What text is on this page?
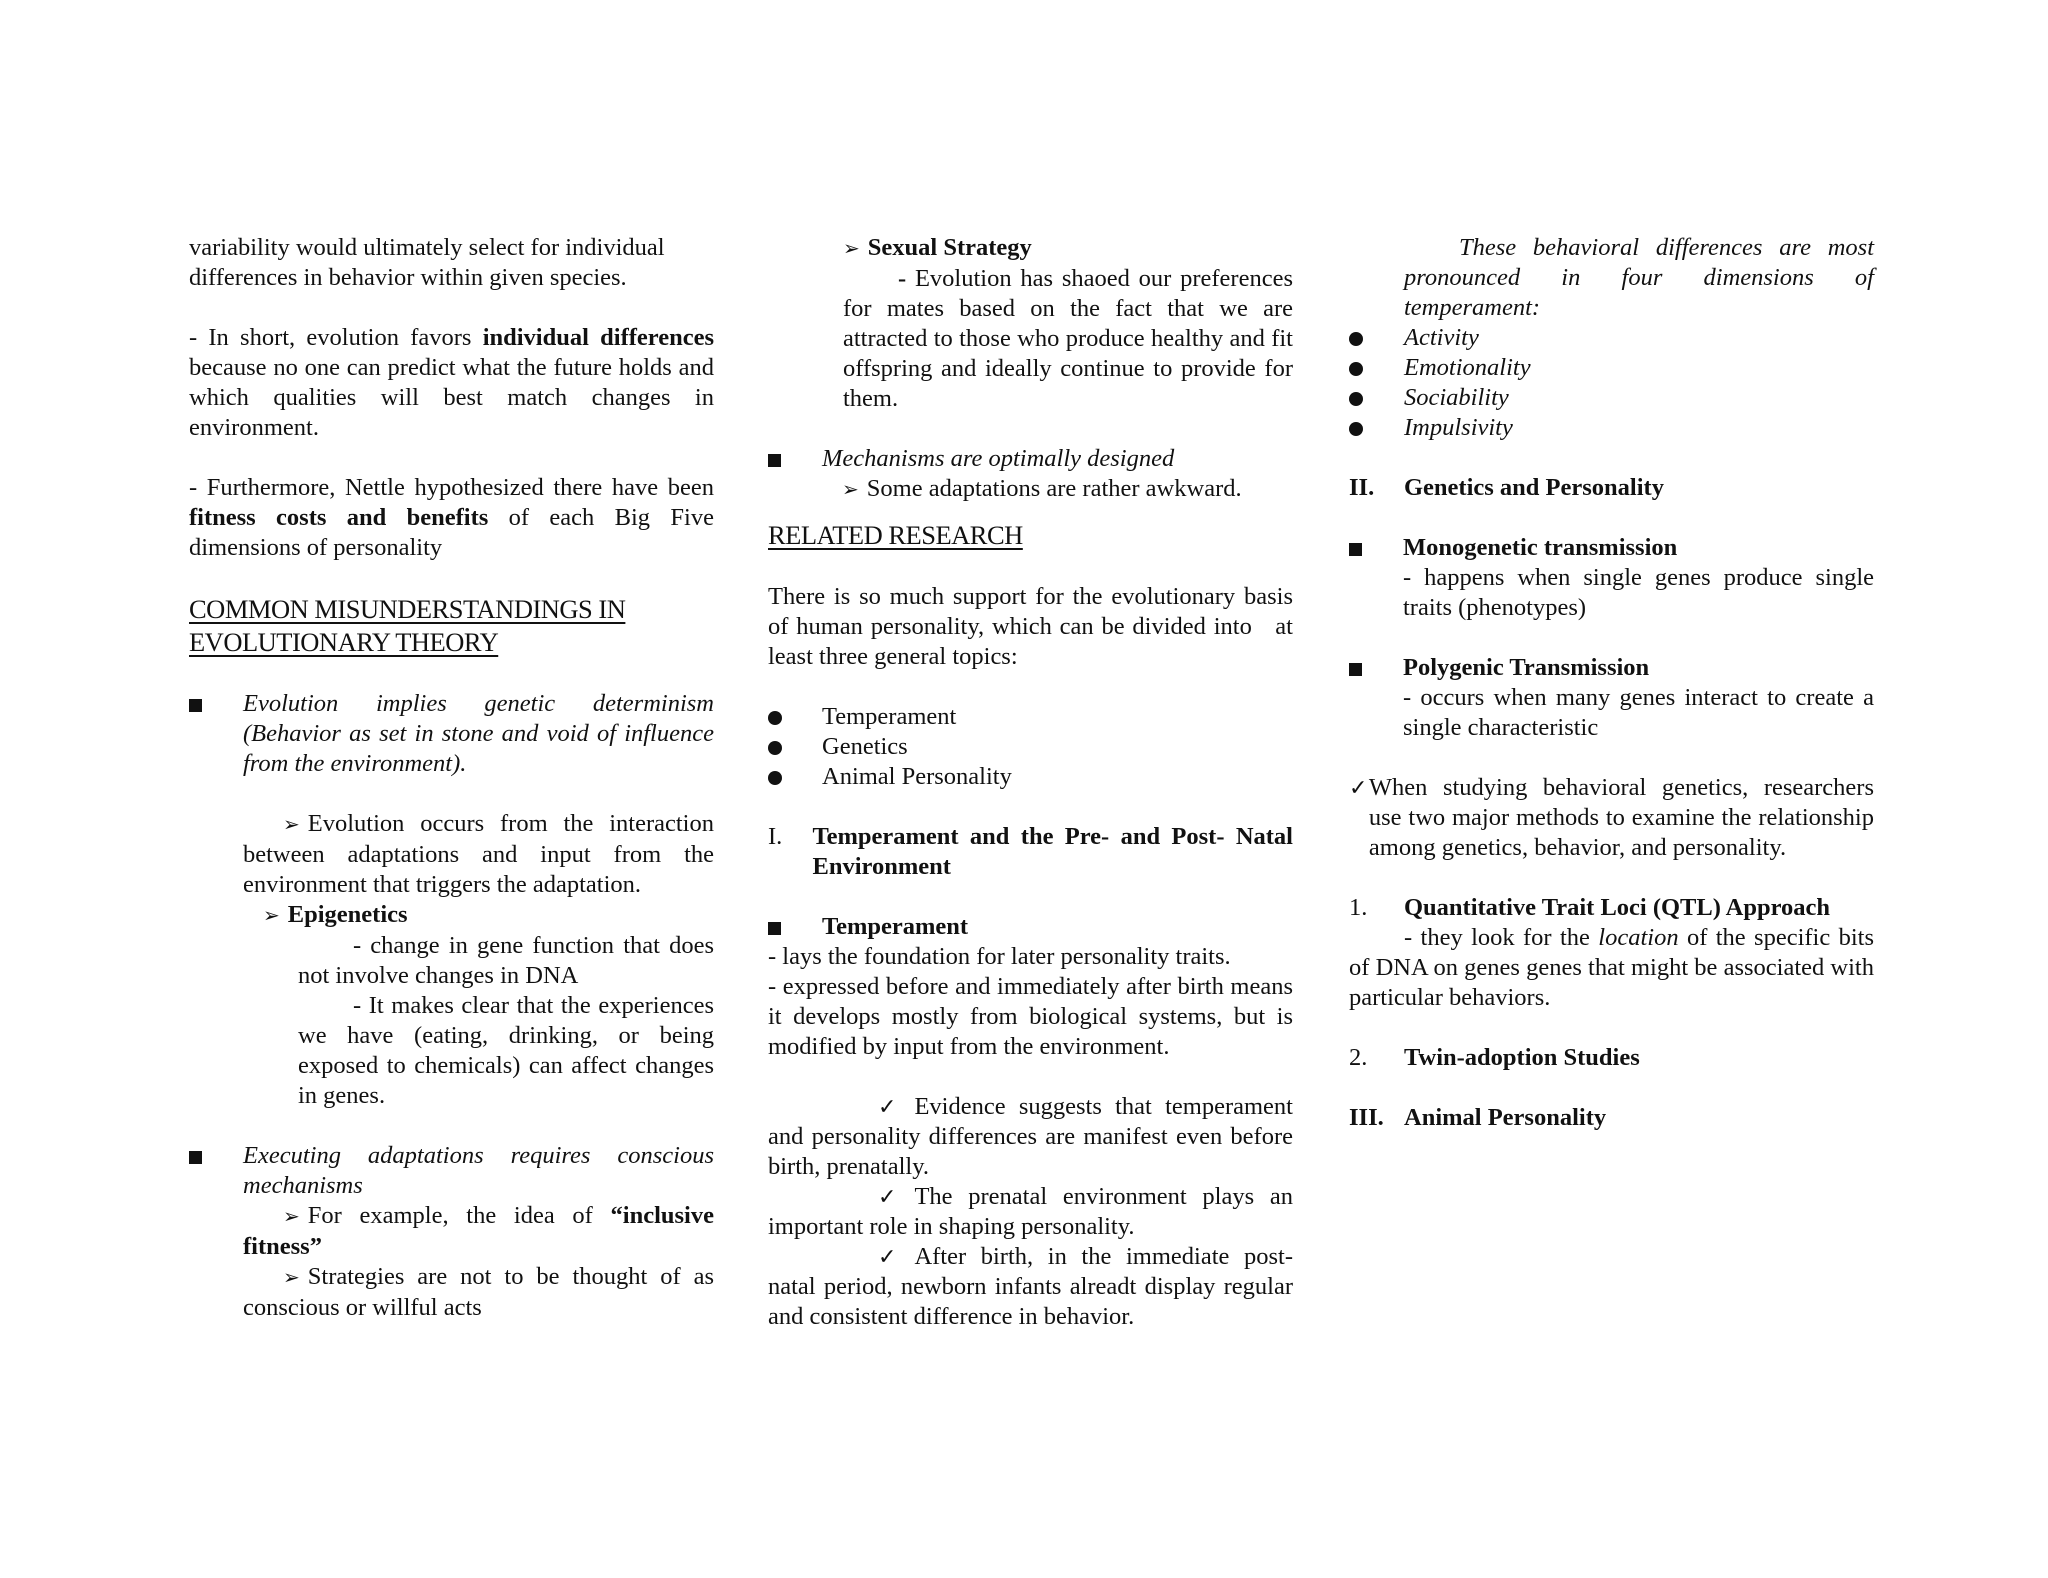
variability would ultimately select for individual
differences in behavior within given species.

- In short, evolution favors individual differences because no one can predict what the future holds and which qualities will best match changes in environment.

- Furthermore, Nettle hypothesized there have been fitness costs and benefits of each Big Five dimensions of personality

COMMON MISUNDERSTANDINGS IN
EVOLUTIONARY THEORY

Evolution implies genetic determinism (Behavior as set in stone and void of influence from the environment).

➢ Evolution occurs from the interaction between adaptations and input from the environment that triggers the adaptation.

➢ Epigenetics

- change in gene function that does not involve changes in DNA

- It makes clear that the experiences we have (eating, drinking, or being exposed to chemicals) can affect changes in genes.

Executing adaptations requires conscious mechanisms

➢ For example, the idea of “inclusive fitness”

➢ Strategies are not to be thought of as conscious or willful acts

➢ Sexual Strategy

- Evolution has shaoed our preferences for mates based on the fact that we are attracted to those who produce healthy and fit offspring and ideally continue to provide for them.

Mechanisms are optimally designed

➢ Some adaptations are rather awkward.

RELATED RESEARCH

There is so much support for the evolutionary basis of human personality, which can be divided into   at least three general topics:

Temperament
Genetics
Animal Personality
I.	Temperament and the Pre- and Post- Natal Environment
Temperament

- lays the foundation for later personality traits.

- expressed before and immediately after birth means it develops mostly from biological systems, but is modified by input from the environment.

✓ Evidence suggests that temperament and personality differences are manifest even before birth, prenatally.

✓ The prenatal environment plays an important role in shaping personality.

✓ After birth, in the immediate post-natal period, newborn infants alreadt display regular and consistent difference in behavior.

These behavioral differences are most pronounced in four dimensions of temperament:

Activity
Emotionality
Sociability
Impulsivity
II.	Genetics and Personality

Monogenetic transmission

- happens when single genes produce single traits (phenotypes)

Polygenic Transmission

- occurs when many genes interact to create a single characteristic

✓ When studying behavioral genetics, researchers use two major methods to examine the relationship among genetics, behavior, and personality.

1.	Quantitative Trait Loci (QTL) Approach

- they look for the location of the specific bits of DNA on genes genes that might be associated with particular behaviors.

2.	Twin-adoption Studies
III. Animal Personality
